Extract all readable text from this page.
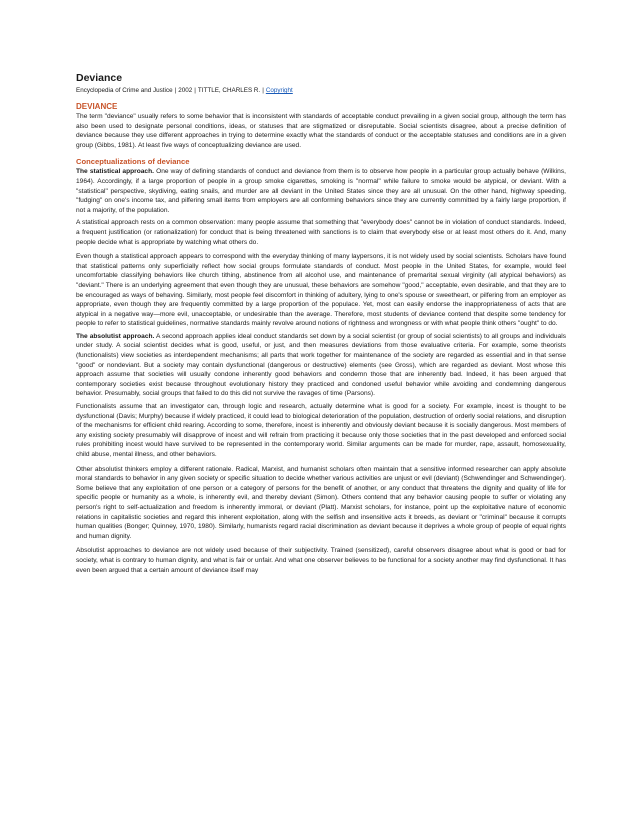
Deviance
Encyclopedia of Crime and Justice | 2002 | TITTLE, CHARLES R. | Copyright
DEVIANCE

The term "deviance" usually refers to some behavior that is inconsistent with standards of acceptable conduct prevailing in a given social group, although the term has also been used to designate personal conditions, ideas, or statuses that are stigmatized or disreputable. Social scientists disagree, about a precise definition of deviance because they use different approaches in trying to determine exactly what the standards of conduct or the acceptable statuses and conditions are in a given group (Gibbs, 1981). At least five ways of conceptualizing deviance are used.

Conceptualizations of deviance

The statistical approach. One way of defining standards of conduct and deviance from them is to observe how people in a particular group actually behave (Wilkins, 1964). Accordingly, if a large proportion of people in a group smoke cigarettes, smoking is "normal" while failure to smoke would be atypical, or deviant. With a "statistical" perspective, skydiving, eating snails, and murder are all deviant in the United States since they are all unusual. On the other hand, highway speeding, "fudging" on one's income tax, and pilfering small items from employers are all conforming behaviors since they are currently committed by a fairly large proportion, if not a majority, of the population.

A statistical approach rests on a common observation: many people assume that something that "everybody does" cannot be in violation of conduct standards. Indeed, a frequent justification (or rationalization) for conduct that is being threatened with sanctions is to claim that everybody else or at least most others do it. And, many people decide what is appropriate by watching what others do.

Even though a statistical approach appears to correspond with the everyday thinking of many laypersons, it is not widely used by social scientists. Scholars have found that statistical patterns only superficially reflect how social groups formulate standards of conduct. Most people in the United States, for example, would feel uncomfortable classifying behaviors like church tithing, abstinence from all alcohol use, and maintenance of premarital sexual virginity (all atypical behaviors) as "deviant." There is an underlying agreement that even though they are unusual, these behaviors are somehow "good," acceptable, even desirable, and that they are to be encouraged as ways of behaving. Similarly, most people feel discomfort in thinking of adultery, lying to one's spouse or sweetheart, or pilfering from an employer as appropriate, even though they are frequently committed by a large proportion of the populace. Yet, most can easily endorse the inappropriateness of acts that are atypical in a negative way—more evil, unacceptable, or undesirable than the average. Therefore, most students of deviance contend that despite some tendency for people to refer to statistical guidelines, normative standards mainly revolve around notions of rightness and wrongness or with what people think others "ought" to do.

The absolutist approach. A second approach applies ideal conduct standards set down by a social scientist (or group of social scientists) to all groups and individuals under study. A social scientist decides what is good, useful, or just, and then measures deviations from those evaluative criteria. For example, some theorists (functionalists) view societies as interdependent mechanisms; all parts that work together for maintenance of the society are regarded as essential and in that sense "good" or nondeviant. But a society may contain dysfunctional (dangerous or destructive) elements (see Gross), which are regarded as deviant. Most whose this approach assume that societies will usually condone inherently good behaviors and condemn those that are inherently bad. Indeed, it has been argued that contemporary societies exist because throughout evolutionary history they practiced and condoned useful behavior while avoiding and condemning dangerous behavior. Presumably, social groups that failed to do this did not survive the ravages of time (Parsons).

Functionalists assume that an investigator can, through logic and research, actually determine what is good for a society. For example, incest is thought to be dysfunctional (Davis; Murphy) because if widely practiced, it could lead to biological deterioration of the population, destruction of orderly social relations, and disruption of the mechanisms for efficient child rearing. According to some, therefore, incest is inherently and obviously deviant because it is socially dangerous. Most members of any existing society presumably will disapprove of incest and will refrain from practicing it because only those societies that in the past developed and enforced social rules prohibiting incest would have survived to be represented in the contemporary world. Similar arguments can be made for murder, rape, assault, homosexuality, child abuse, mental illness, and other behaviors.

Other absolutist thinkers employ a different rationale. Radical, Marxist, and humanist scholars often maintain that a sensitive informed researcher can apply absolute moral standards to behavior in any given society or specific situation to decide whether various activities are unjust or evil (deviant) (Schwendinger and Schwendinger). Some believe that any exploitation of one person or a category of persons for the benefit of another, or any conduct that threatens the dignity and quality of life for specific people or humanity as a whole, is inherently evil, and thereby deviant (Simon). Others contend that any behavior causing people to suffer or violating any person's right to self-actualization and freedom is inherently immoral, or deviant (Platt). Marxist scholars, for instance, point up the exploitative nature of economic relations in capitalistic societies and regard this inherent exploitation, along with the selfish and insensitive acts it breeds, as deviant or "criminal" because it corrupts human qualities (Bonger; Quinney, 1970, 1980). Similarly, humanists regard racial discrimination as deviant because it deprives a whole group of people of equal rights and human dignity.

Absolutist approaches to deviance are not widely used because of their subjectivity. Trained (sensitized), careful observers disagree about what is good or bad for society, what is contrary to human dignity, and what is fair or unfair. And what one observer believes to be functional for a society another may find dysfunctional. It has even been argued that a certain amount of deviance itself may
